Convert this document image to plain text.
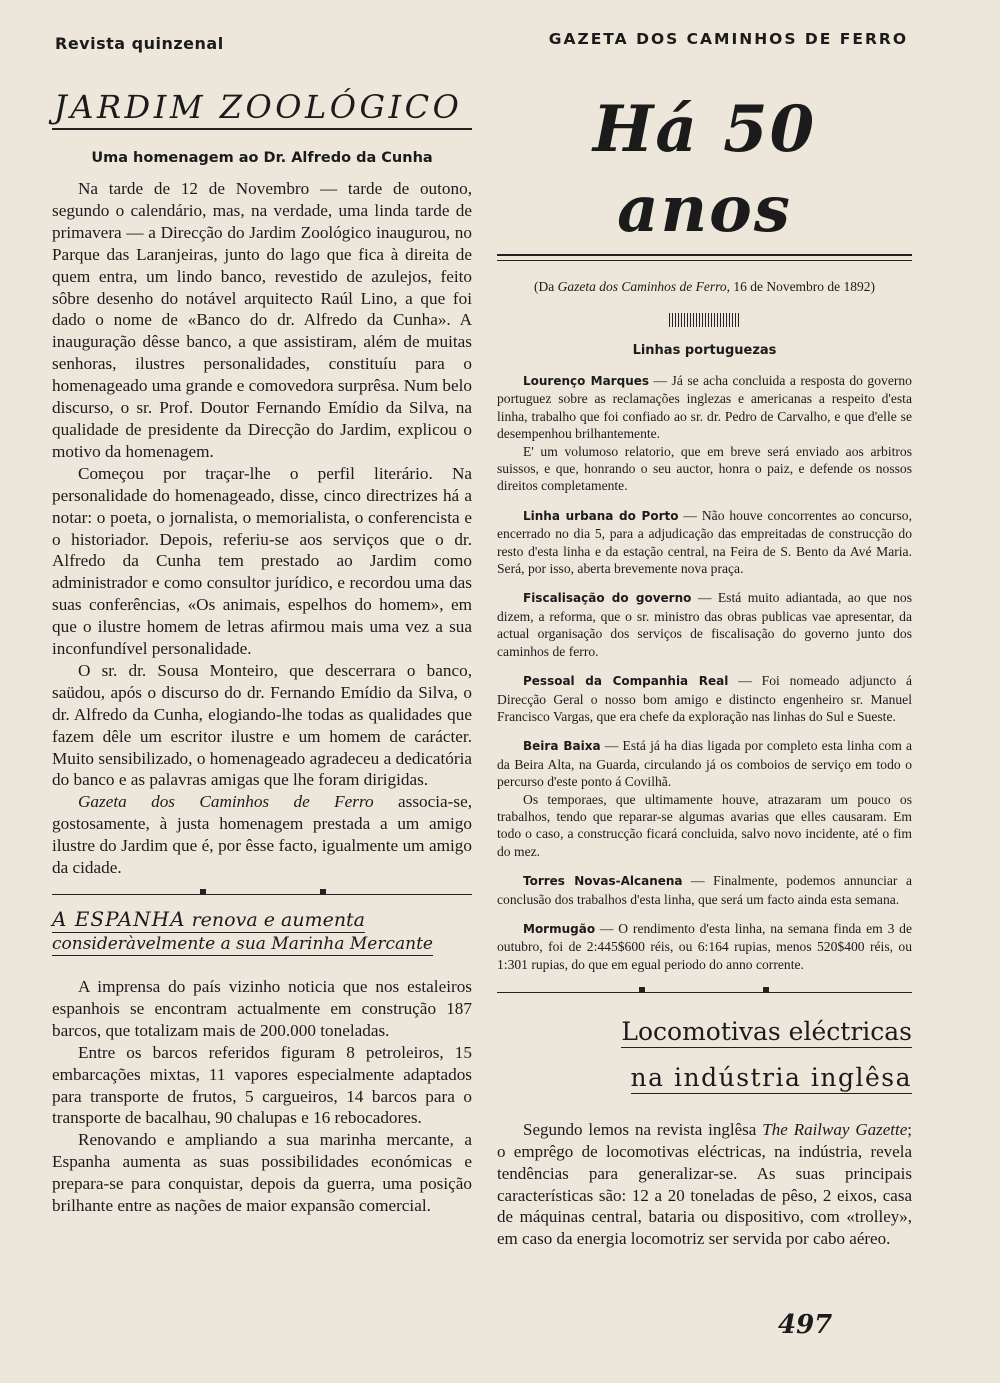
Revista quinzenal	GAZETA DOS CAMINHOS DE FERRO
JARDIM ZOOLÓGICO
Uma homenagem ao Dr. Alfredo da Cunha

Na tarde de 12 de Novembro — tarde de outono, segundo o calendário, mas, na verdade, uma linda tarde de primavera — a Direcção do Jardim Zoológico inaugurou, no Parque das Laranjeiras, junto do lago que fica à direita de quem entra, um lindo banco, revestido de azulejos, feito sôbre desenho do notável arquitecto Raúl Lino, a que foi dado o nome de «Banco do dr. Alfredo da Cunha». A inauguração dêsse banco, a que assistiram, além de muitas senhoras, ilustres personalidades, constituíu para o homenageado uma grande e comovedora surprêsa. Num belo discurso, o sr. Prof. Doutor Fernando Emídio da Silva, na qualidade de presidente da Direcção do Jardim, explicou o motivo da homenagem.

Começou por traçar-lhe o perfil literário. Na personalidade do homenageado, disse, cinco directrizes há a notar: o poeta, o jornalista, o memorialista, o conferencista e o historiador. Depois, referiu-se aos serviços que o dr. Alfredo da Cunha tem prestado ao Jardim como administrador e como consultor jurídico, e recordou uma das suas conferências, «Os animais, espelhos do homem», em que o ilustre homem de letras afirmou mais uma vez a sua inconfundível personalidade.

O sr. dr. Sousa Monteiro, que descerrara o banco, saüdou, após o discurso do dr. Fernando Emídio da Silva, o dr. Alfredo da Cunha, elogiando-lhe todas as qualidades que fazem dêle um escritor ilustre e um homem de carácter. Muito sensibilizado, o homenageado agradeceu a dedicatória do banco e as palavras amigas que lhe foram dirigidas.

Gazeta dos Caminhos de Ferro associa-se, gostosamente, à justa homenagem prestada a um amigo ilustre do Jardim que é, por êsse facto, igualmente um amigo da cidade.

A ESPANHA renova e aumenta
consideràvelmente a sua Marinha Mercante

A imprensa do país vizinho noticia que nos estaleiros espanhois se encontram actualmente em construção 187 barcos, que totalizam mais de 200.000 toneladas.

Entre os barcos referidos figuram 8 petroleiros, 15 embarcações mixtas, 11 vapores especialmente adaptados para transporte de frutos, 5 cargueiros, 14 barcos para o transporte de bacalhau, 90 chalupas e 16 rebocadores.

Renovando e ampliando a sua marinha mercante, a Espanha aumenta as suas possibilidades económicas e prepara-se para conquistar, depois da guerra, uma posição brilhante entre as nações de maior expansão comercial.

Há 50 anos
(Da Gazeta dos Caminhos de Ferro, 16 de Novembro de 1892)
Linhas portuguezas

Lourenço Marques — Já se acha concluida a resposta do governo portuguez sobre as reclamações inglezas e americanas a respeito d'esta linha, trabalho que foi confiado ao sr. dr. Pedro de Carvalho, e que d'elle se desempenhou brilhantemente.

E' um volumoso relatorio, que em breve será enviado aos arbitros suissos, e que, honrando o seu auctor, honra o paiz, e defende os nossos direitos completamente.

Linha urbana do Porto — Não houve concorrentes ao concurso, encerrado no dia 5, para a adjudicação das empreitadas de construcção do resto d'esta linha e da estação central, na Feira de S. Bento da Avé Maria. Será, por isso, aberta brevemente nova praça.

Fiscalisação do governo — Está muito adiantada, ao que nos dizem, a reforma, que o sr. ministro das obras publicas vae apresentar, da actual organisação dos serviços de fiscalisação do governo junto dos caminhos de ferro.

Pessoal da Companhia Real — Foi nomeado adjuncto á Direcção Geral o nosso bom amigo e distincto engenheiro sr. Manuel Francisco Vargas, que era chefe da exploração nas linhas do Sul e Sueste.

Beira Baixa — Está já ha dias ligada por completo esta linha com a da Beira Alta, na Guarda, circulando já os comboios de serviço em todo o percurso d'este ponto á Covilhã.

Os temporaes, que ultimamente houve, atrazaram um pouco os trabalhos, tendo que reparar-se algumas avarias que elles causaram. Em todo o caso, a construcção ficará concluida, salvo novo incidente, até o fim do mez.

Torres Novas-Alcanena — Finalmente, podemos annunciar a conclusão dos trabalhos d'esta linha, que será um facto ainda esta semana.

Mormugão — O rendimento d'esta linha, na semana finda em 3 de outubro, foi de 2:445$600 réis, ou 6:164 rupias, menos 520$400 réis, ou 1:301 rupias, do que em egual periodo do anno corrente.

Locomotivas eléctricas
na indústria inglêsa

Segundo lemos na revista inglêsa The Railway Gazette; o emprêgo de locomotivas eléctricas, na indústria, revela tendências para generalizar-se. As suas principais características são: 12 a 20 toneladas de pêso, 2 eixos, casa de máquinas central, bataria ou dispositivo, com «trolley», em caso da energia locomotriz ser servida por cabo aéreo.

497
